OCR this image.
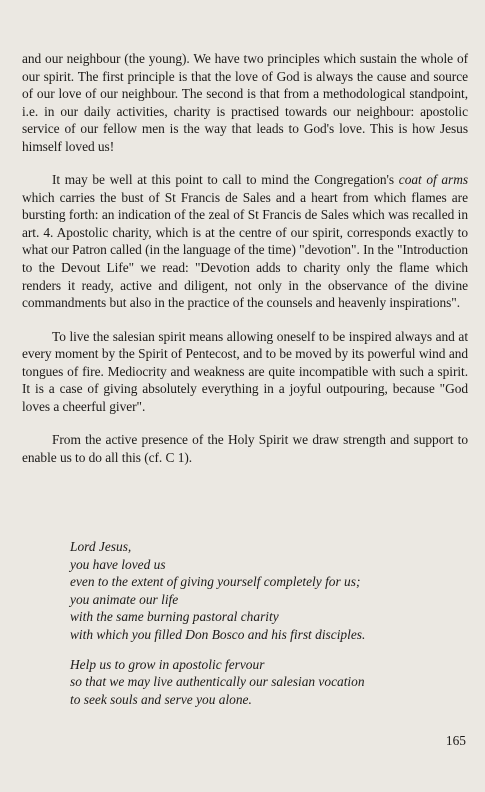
and our neighbour (the young). We have two principles which sustain the whole of our spirit. The first principle is that the love of God is always the cause and source of our love of our neighbour. The second is that from a methodological standpoint, i.e. in our daily activities, charity is practised towards our neighbour: apostolic service of our fellow men is the way that leads to God's love. This is how Jesus himself loved us!

It may be well at this point to call to mind the Congregation's coat of arms which carries the bust of St Francis de Sales and a heart from which flames are bursting forth: an indication of the zeal of St Francis de Sales which was recalled in art. 4. Apostolic charity, which is at the centre of our spirit, corresponds exactly to what our Patron called (in the language of the time) "devotion". In the "Introduction to the Devout Life" we read: "Devotion adds to charity only the flame which renders it ready, active and diligent, not only in the observance of the divine commandments but also in the practice of the counsels and heavenly inspirations".

To live the salesian spirit means allowing oneself to be inspired always and at every moment by the Spirit of Pentecost, and to be moved by its powerful wind and tongues of fire. Mediocrity and weakness are quite incompatible with such a spirit. It is a case of giving absolutely everything in a joyful outpouring, because "God loves a cheerful giver".

From the active presence of the Holy Spirit we draw strength and support to enable us to do all this (cf. C 1).

Lord Jesus,
you have loved us
even to the extent of giving yourself completely for us;
you animate our life
with the same burning pastoral charity
with which you filled Don Bosco and his first disciples.
Help us to grow in apostolic fervour
so that we may live authentically our salesian vocation
to seek souls and serve you alone.
165
